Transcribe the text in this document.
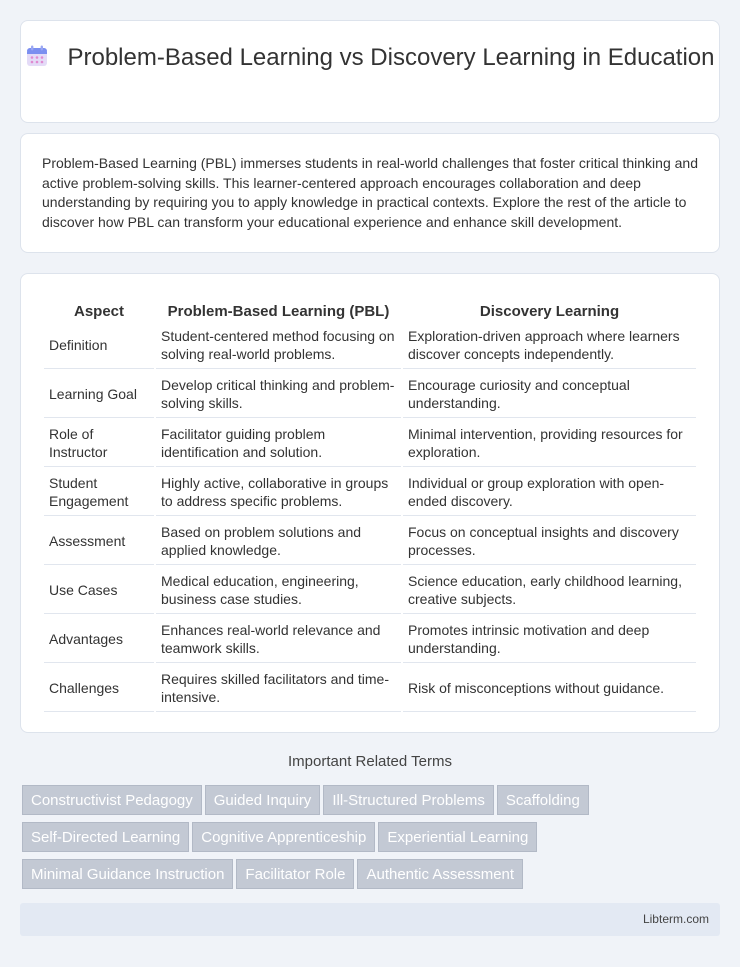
Problem-Based Learning vs Discovery Learning in Education

Problem-Based Learning (PBL) immerses students in real-world challenges that foster critical thinking and active problem-solving skills. This learner-centered approach encourages collaboration and deep understanding by requiring you to apply knowledge in practical contexts. Explore the rest of the article to discover how PBL can transform your educational experience and enhance skill development.

Aspect	Problem-Based Learning (PBL)	Discovery Learning
Definition	Student-centered method focusing on solving real-world problems.	Exploration-driven approach where learners discover concepts independently.
Learning Goal	Develop critical thinking and problem-solving skills.	Encourage curiosity and conceptual understanding.
Role of Instructor	Facilitator guiding problem identification and solution.	Minimal intervention, providing resources for exploration.
Student Engagement	Highly active, collaborative in groups to address specific problems.	Individual or group exploration with open-ended discovery.
Assessment	Based on problem solutions and applied knowledge.	Focus on conceptual insights and discovery processes.
Use Cases	Medical education, engineering, business case studies.	Science education, early childhood learning, creative subjects.
Advantages	Enhances real-world relevance and teamwork skills.	Promotes intrinsic motivation and deep understanding.
Challenges	Requires skilled facilitators and time-intensive.	Risk of misconceptions without guidance.
Important Related Terms
Constructivist Pedagogy Guided Inquiry Ill-Structured Problems Scaffolding
Self-Directed Learning Cognitive Apprenticeship Experiential Learning
Minimal Guidance Instruction Facilitator Role Authentic Assessment
Libterm.com
